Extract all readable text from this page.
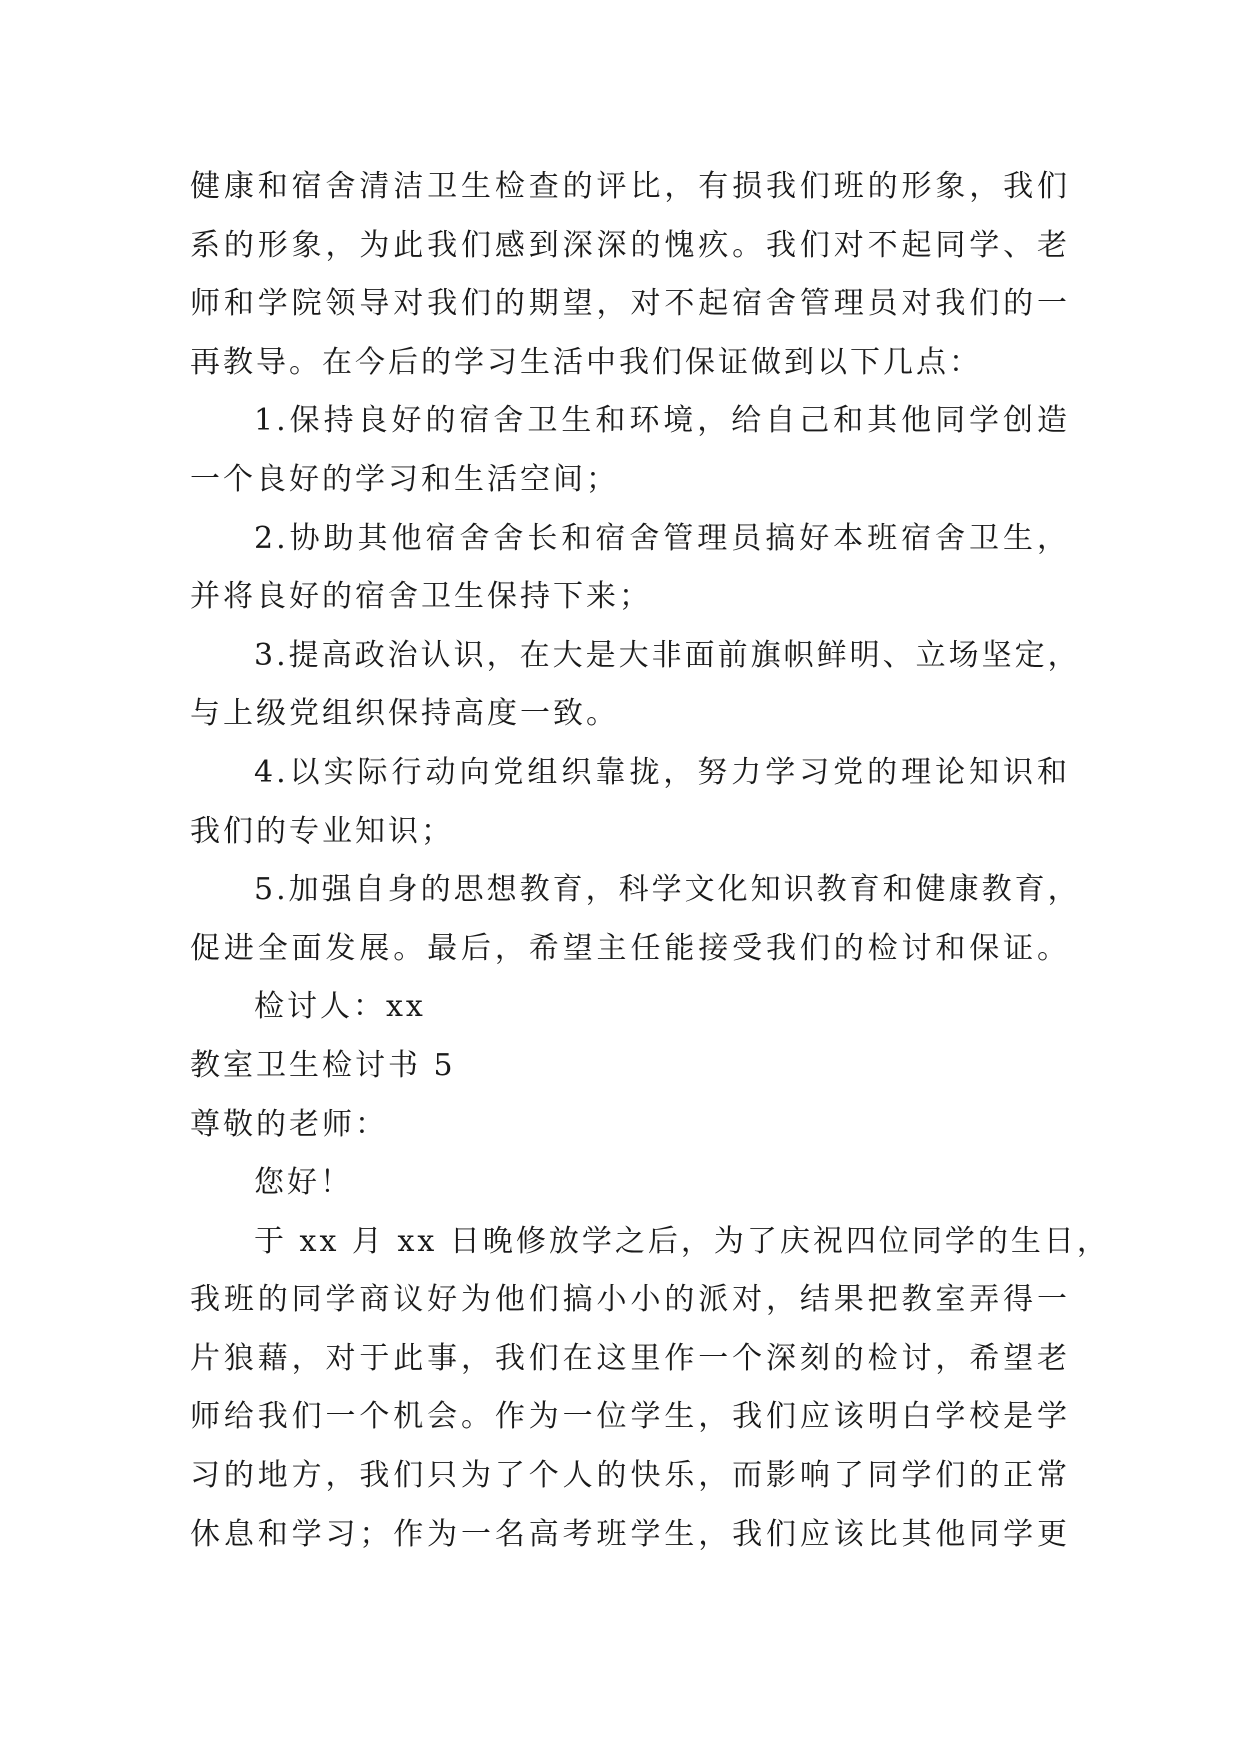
健康和宿舍清洁卫生检查的评比，有损我们班的形象，我们
系的形象，为此我们感到深深的愧疚。我们对不起同学、老
师和学院领导对我们的期望，对不起宿舍管理员对我们的一
再教导。在今后的学习生活中我们保证做到以下几点：
1.保持良好的宿舍卫生和环境，给自己和其他同学创造
一个良好的学习和生活空间；
2.协助其他宿舍舍长和宿舍管理员搞好本班宿舍卫生，
并将良好的宿舍卫生保持下来；
3.提高政治认识，在大是大非面前旗帜鲜明、立场坚定，
与上级党组织保持高度一致。
4.以实际行动向党组织靠拢，努力学习党的理论知识和
我们的专业知识；
5.加强自身的思想教育，科学文化知识教育和健康教育，
促进全面发展。最后，希望主任能接受我们的检讨和保证。
检讨人：xx
教室卫生检讨书 5
尊敬的老师：
您好！
于 xx 月 xx 日晚修放学之后，为了庆祝四位同学的生日，
我班的同学商议好为他们搞小小的派对，结果把教室弄得一
片狼藉，对于此事，我们在这里作一个深刻的检讨，希望老
师给我们一个机会。作为一位学生，我们应该明白学校是学
习的地方，我们只为了个人的快乐，而影响了同学们的正常
休息和学习；作为一名高考班学生，我们应该比其他同学更
